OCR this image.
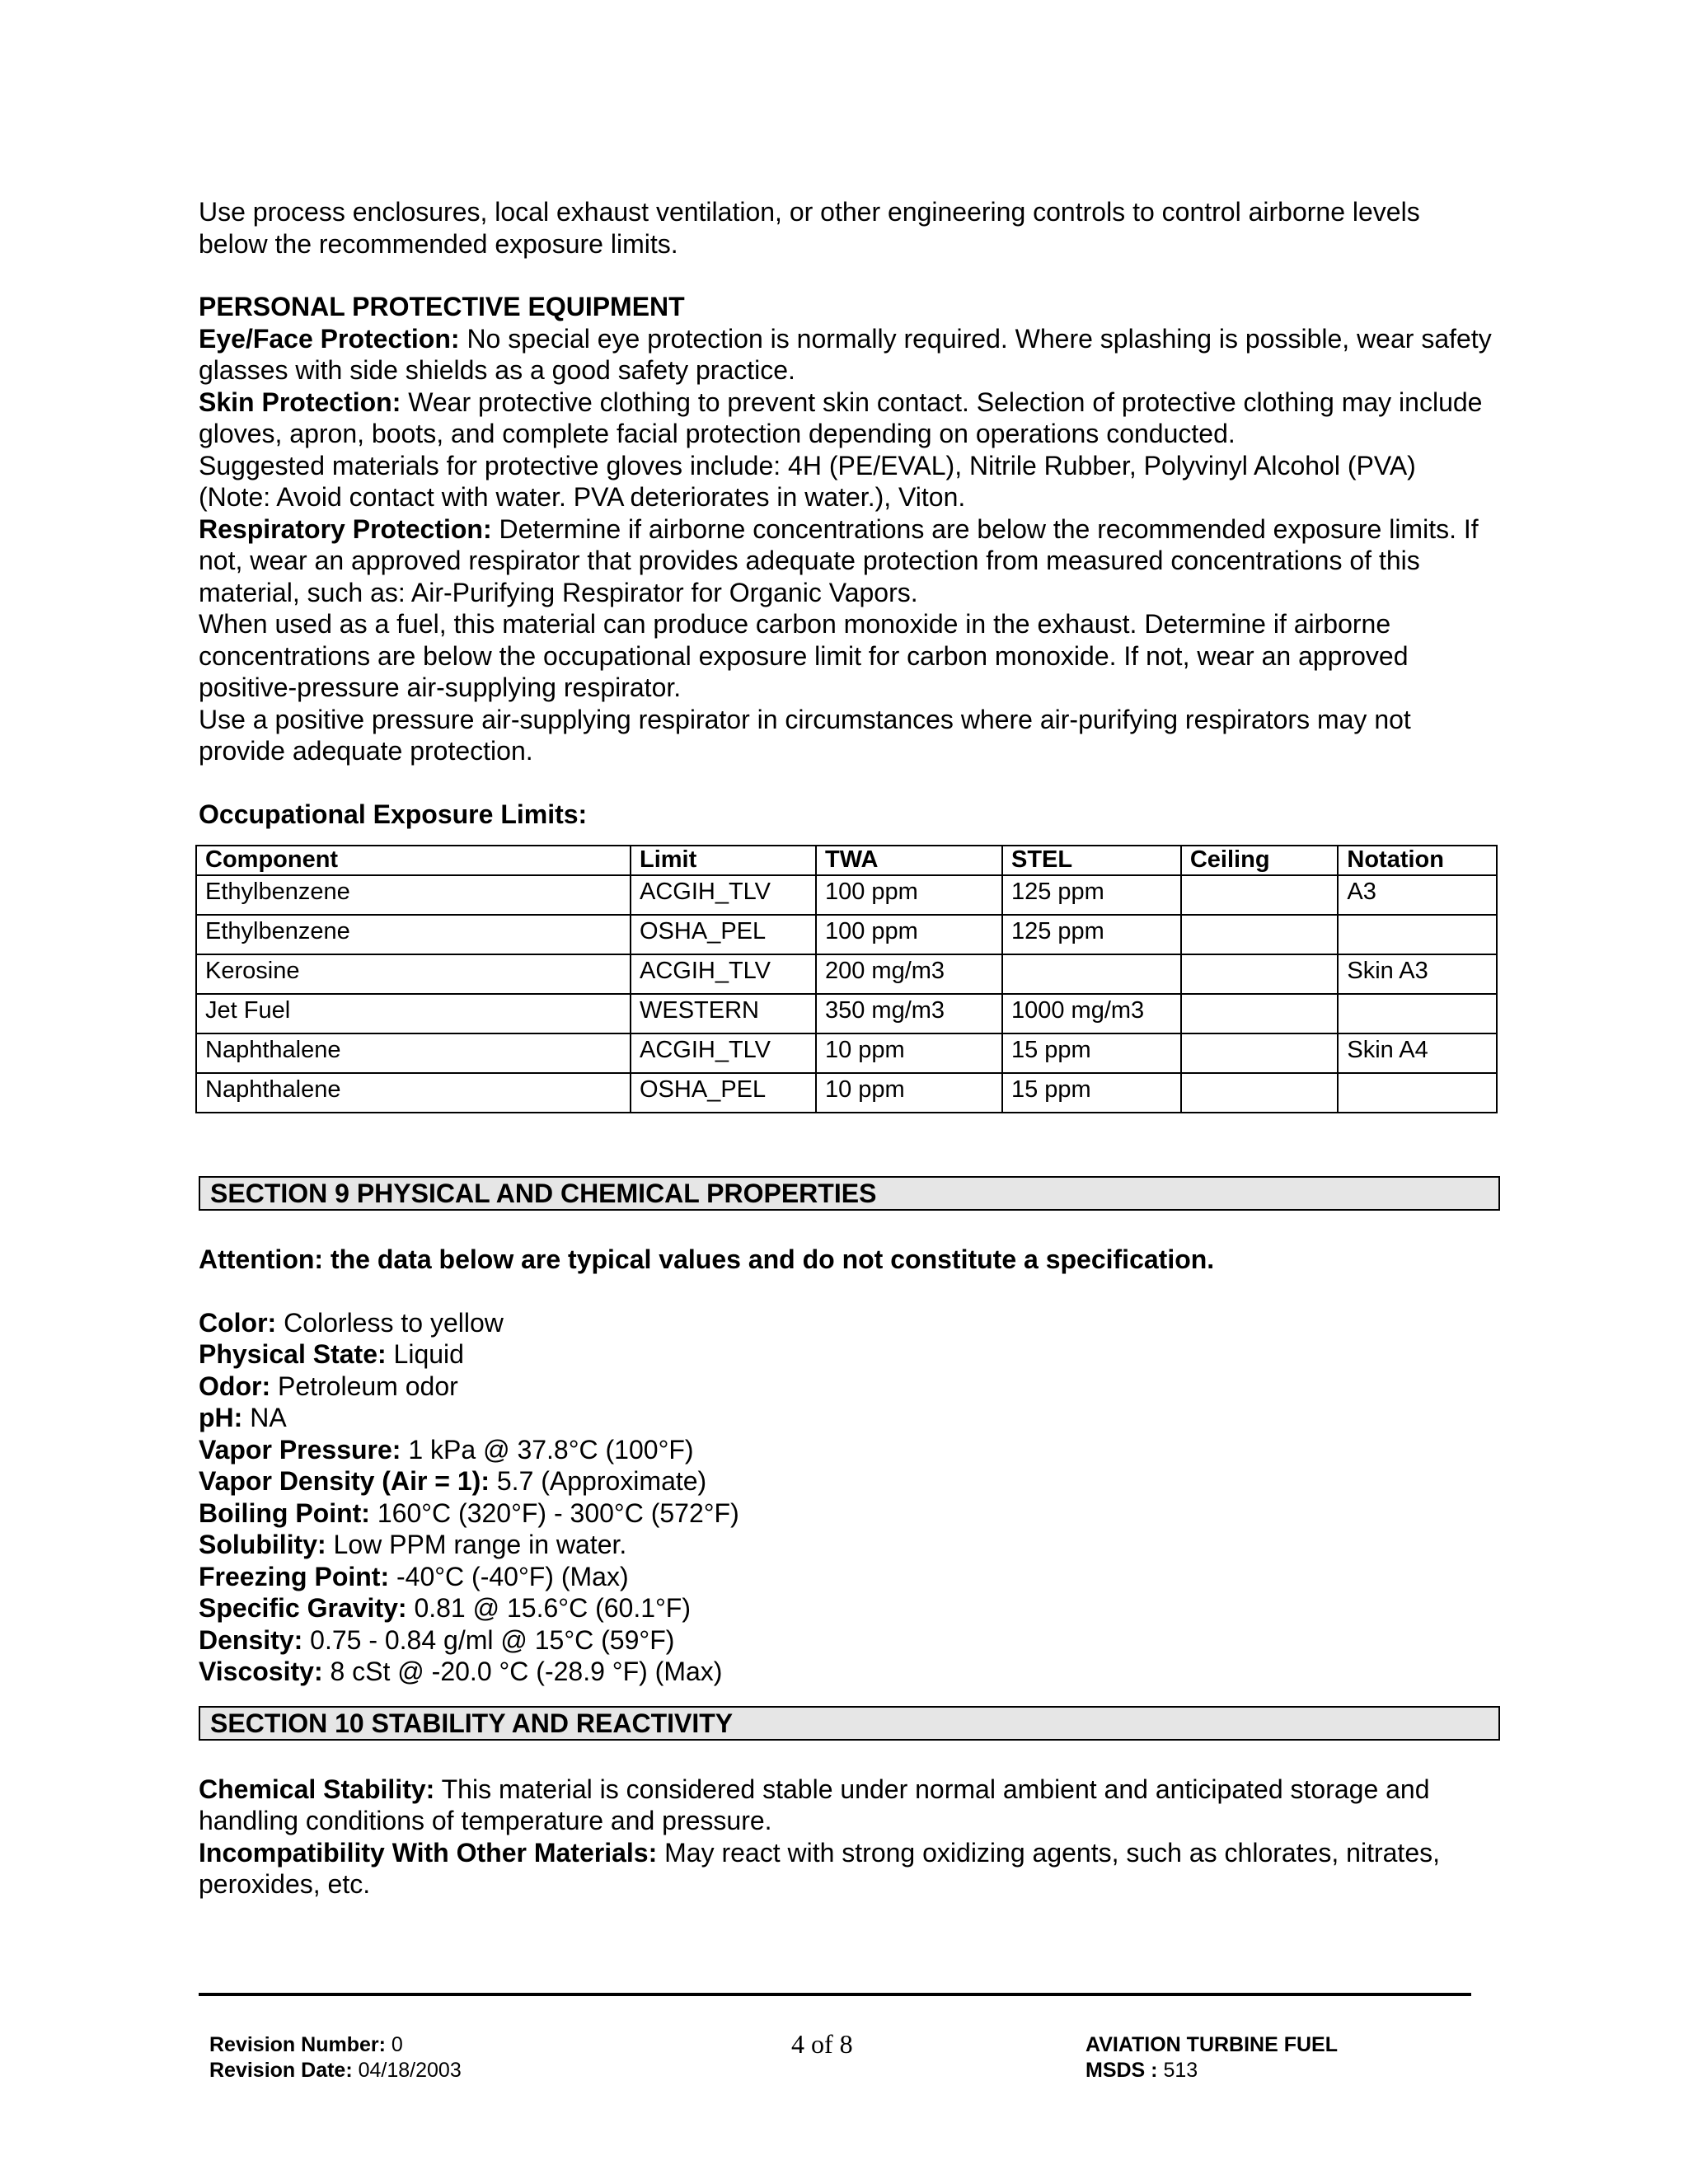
Use process enclosures, local exhaust ventilation, or other engineering controls to control airborne levels below the recommended exposure limits.

PERSONAL PROTECTIVE EQUIPMENT

Eye/Face Protection: No special eye protection is normally required. Where splashing is possible, wear safety glasses with side shields as a good safety practice.

Skin Protection: Wear protective clothing to prevent skin contact. Selection of protective clothing may include gloves, apron, boots, and complete facial protection depending on operations conducted.

Suggested materials for protective gloves include: 4H (PE/EVAL), Nitrile Rubber, Polyvinyl Alcohol (PVA) (Note: Avoid contact with water. PVA deteriorates in water.), Viton.

Respiratory Protection: Determine if airborne concentrations are below the recommended exposure limits. If not, wear an approved respirator that provides adequate protection from measured concentrations of this material, such as: Air-Purifying Respirator for Organic Vapors.

When used as a fuel, this material can produce carbon monoxide in the exhaust. Determine if airborne concentrations are below the occupational exposure limit for carbon monoxide. If not, wear an approved positive-pressure air-supplying respirator.

Use a positive pressure air-supplying respirator in circumstances where air-purifying respirators may not provide adequate protection.

Occupational Exposure Limits:

Component	Limit	TWA	STEL	Ceiling	Notation
Ethylbenzene	ACGIH_TLV	100 ppm	125 ppm		A3
Ethylbenzene	OSHA_PEL	100 ppm	125 ppm		
Kerosine	ACGIH_TLV	200 mg/m3			Skin A3
Jet Fuel	WESTERN	350 mg/m3	1000 mg/m3		
Naphthalene	ACGIH_TLV	10 ppm	15 ppm		Skin A4
Naphthalene	OSHA_PEL	10 ppm	15 ppm		
SECTION 9 PHYSICAL AND CHEMICAL PROPERTIES

Attention: the data below are typical values and do not constitute a specification.

Color: Colorless to yellow

Physical State: Liquid

Odor: Petroleum odor

pH: NA

Vapor Pressure: 1 kPa @ 37.8°C (100°F)

Vapor Density (Air = 1): 5.7 (Approximate)

Boiling Point: 160°C (320°F) - 300°C (572°F)

Solubility: Low PPM range in water.

Freezing Point: -40°C (-40°F) (Max)

Specific Gravity: 0.81 @ 15.6°C (60.1°F)

Density: 0.75 - 0.84 g/ml @ 15°C (59°F)

Viscosity: 8 cSt @ -20.0 °C (-28.9 °F) (Max)

SECTION 10 STABILITY AND REACTIVITY

Chemical Stability: This material is considered stable under normal ambient and anticipated storage and handling conditions of temperature and pressure.

Incompatibility With Other Materials: May react with strong oxidizing agents, such as chlorates, nitrates, peroxides, etc.

Revision Number: 0
Revision Date: 04/18/2003
4 of 8	AVIATION TURBINE FUEL
MSDS : 513
